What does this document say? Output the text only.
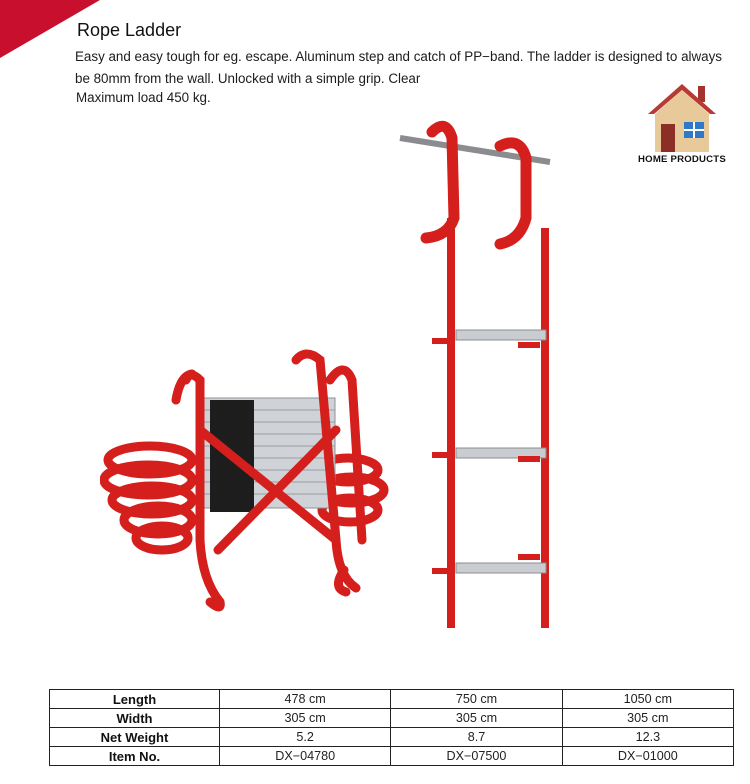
Rope Ladder
Easy and easy tough for eg. escape. Aluminum step and catch of PP−band. The ladder is designed to always be 80mm from the wall. Unlocked with a simple grip. Clear
Maximum load 450 kg.
HOME PRODUCTS
Length	478 cm	750 cm	1050 cm
Width	305 cm	305 cm	305 cm
Net Weight	5.2	8.7	12.3
Item No.	DX−04780	DX−07500	DX−01000
